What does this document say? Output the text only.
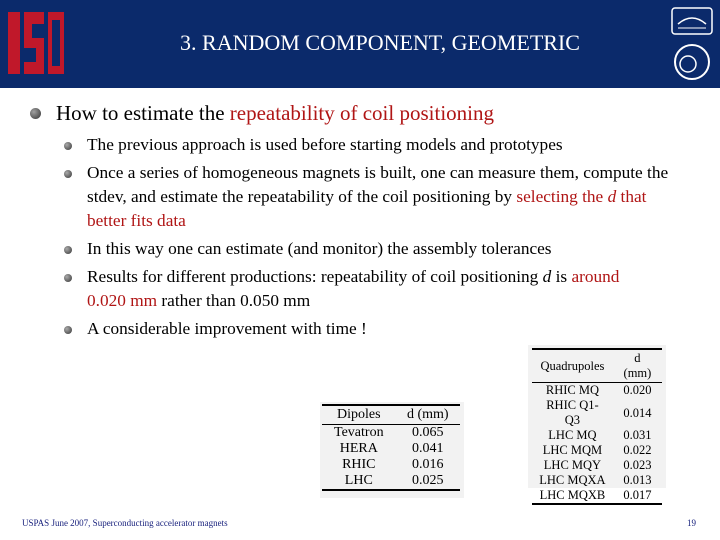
3. RANDOM COMPONENT, GEOMETRIC
How to estimate the repeatability of coil positioning
The previous approach is used before starting models and prototypes
Once a series of homogeneous magnets is built, one can measure them, compute the stdev, and estimate the repeatability of the coil positioning by selecting the d that better fits data
In this way one can estimate (and monitor) the assembly tolerances
Results for different productions: repeatability of coil positioning d is around 0.020 mm rather than 0.050 mm
A considerable improvement with time !
Quadrupoles	d (mm)
RHIC MQ	0.020
RHIC Q1-Q3	0.014
LHC MQ	0.031
LHC MQM	0.022
LHC MQY	0.023
LHC MQXA	0.013
LHC MQXB	0.017
Dipoles	d (mm)
Tevatron	0.065
HERA	0.041
RHIC	0.016
LHC	0.025
USPAS June 2007, Superconducting accelerator magnets	19
